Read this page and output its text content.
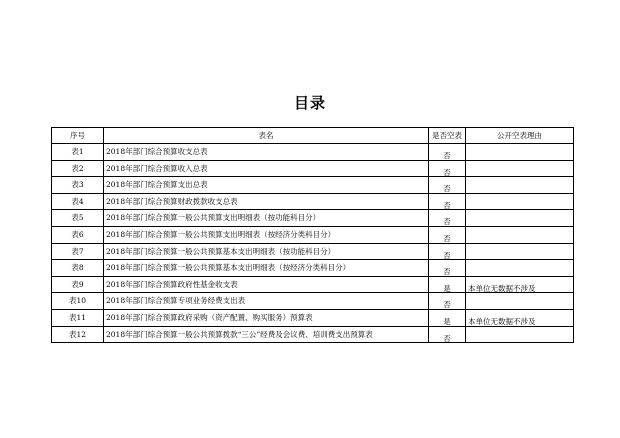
目录
序号	表名	是否空表	公开空表理由
表1	2018年部门综合预算收支总表	否	
表2	2018年部门综合预算收入总表	否	
表3	2018年部门综合预算支出总表	否	
表4	2018年部门综合预算财政拨款收支总表	否	
表5	2018年部门综合预算一般公共预算支出明细表（按功能科目分）	否	
表6	2018年部门综合预算一般公共预算支出明细表（按经济分类科目分）	否	
表7	2018年部门综合预算一般公共预算基本支出明细表（按功能科目分）	否	
表8	2018年部门综合预算一般公共预算基本支出明细表（按经济分类科目分）	否	
表9	2018年部门综合预算政府性基金收支表	是	本单位无数据不涉及
表10	2018年部门综合预算专项业务经费支出表	否	
表11	2018年部门综合预算政府采购（资产配置、购买服务）预算表	是	本单位无数据不涉及
表12	2018年部门综合预算一般公共预算拨款“三公”经费及会议费、培训费支出预算表	否	
